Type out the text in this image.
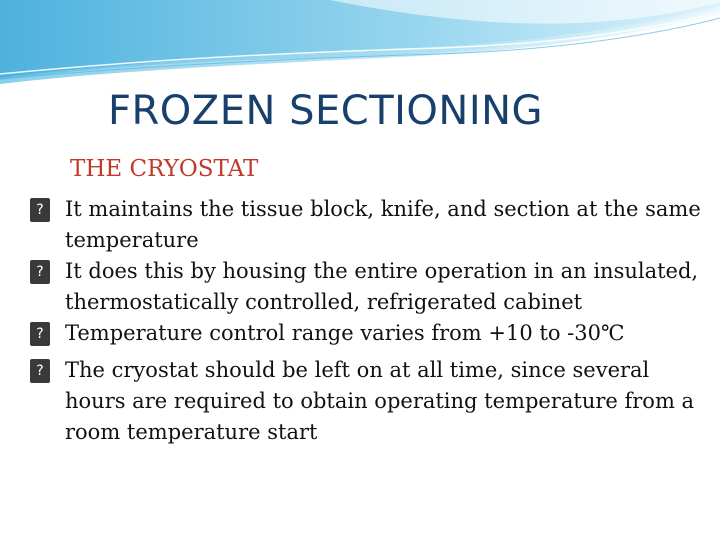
FROZEN SECTIONING
THE CRYOSTAT
? It maintains the tissue block, knife, and section at the same temperature
? It does this by housing the entire operation in an insulated, thermostatically controlled, refrigerated cabinet
? Temperature control range varies from +10 to -30℃
? The cryostat should be left on at all time, since several hours are required to obtain operating temperature from a room temperature start
